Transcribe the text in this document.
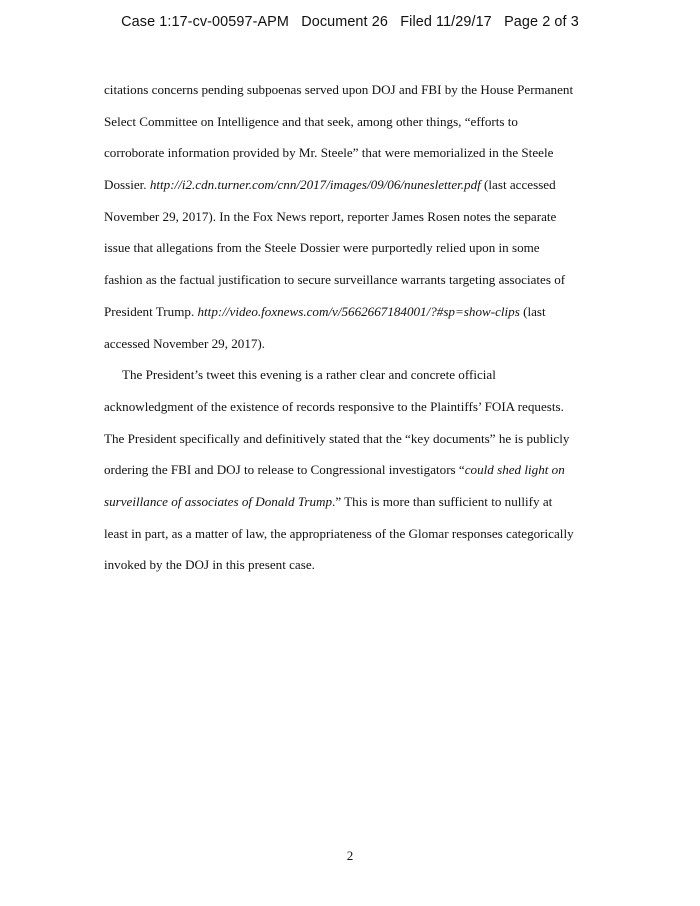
Case 1:17-cv-00597-APM Document 26 Filed 11/29/17 Page 2 of 3
citations concerns pending subpoenas served upon DOJ and FBI by the House Permanent
Select Committee on Intelligence and that seek, among other things, “efforts to
corroborate information provided by Mr. Steele” that were memorialized in the Steele
Dossier. http://i2.cdn.turner.com/cnn/2017/images/09/06/nunesletter.pdf (last accessed
November 29, 2017). In the Fox News report, reporter James Rosen notes the separate
issue that allegations from the Steele Dossier were purportedly relied upon in some
fashion as the factual justification to secure surveillance warrants targeting associates of
President Trump. http://video.foxnews.com/v/5662667184001/?#sp=show-clips (last
accessed November 29, 2017).
The President’s tweet this evening is a rather clear and concrete official
acknowledgment of the existence of records responsive to the Plaintiffs’ FOIA requests.
The President specifically and definitively stated that the “key documents” he is publicly
ordering the FBI and DOJ to release to Congressional investigators “could shed light on
surveillance of associates of Donald Trump.” This is more than sufficient to nullify at
least in part, as a matter of law, the appropriateness of the Glomar responses categorically
invoked by the DOJ in this present case.
2
